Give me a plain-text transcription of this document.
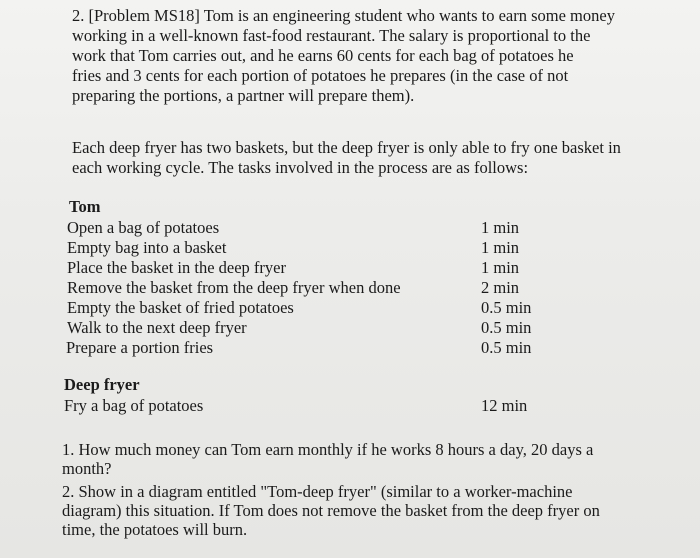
2. [Problem MS18] Tom is an engineering student who wants to earn some money
working in a well-known fast-food restaurant. The salary is proportional to the
work that Tom carries out, and he earns 60 cents for each bag of potatoes he
fries and 3 cents for each portion of potatoes he prepares (in the case of not
preparing the portions, a partner will prepare them).

Each deep fryer has two baskets, but the deep fryer is only able to fry one basket in
each working cycle. The tasks involved in the process are as follows:

Tom
Open a bag of potatoes	1 min
Empty bag into a basket	1 min
Place the basket in the deep fryer	1 min
Remove the basket from the deep fryer when done	2 min
Empty the basket of fried potatoes	0.5 min
Walk to the next deep fryer	0.5 min
Prepare a portion fries	0.5 min
Deep fryer
Fry a bag of potatoes	12 min
1. How much money can Tom earn monthly if he works 8 hours a day, 20 days a
month?
2. Show in a diagram entitled "Tom-deep fryer" (similar to a worker-machine
diagram) this situation. If Tom does not remove the basket from the deep fryer on
time, the potatoes will burn.
